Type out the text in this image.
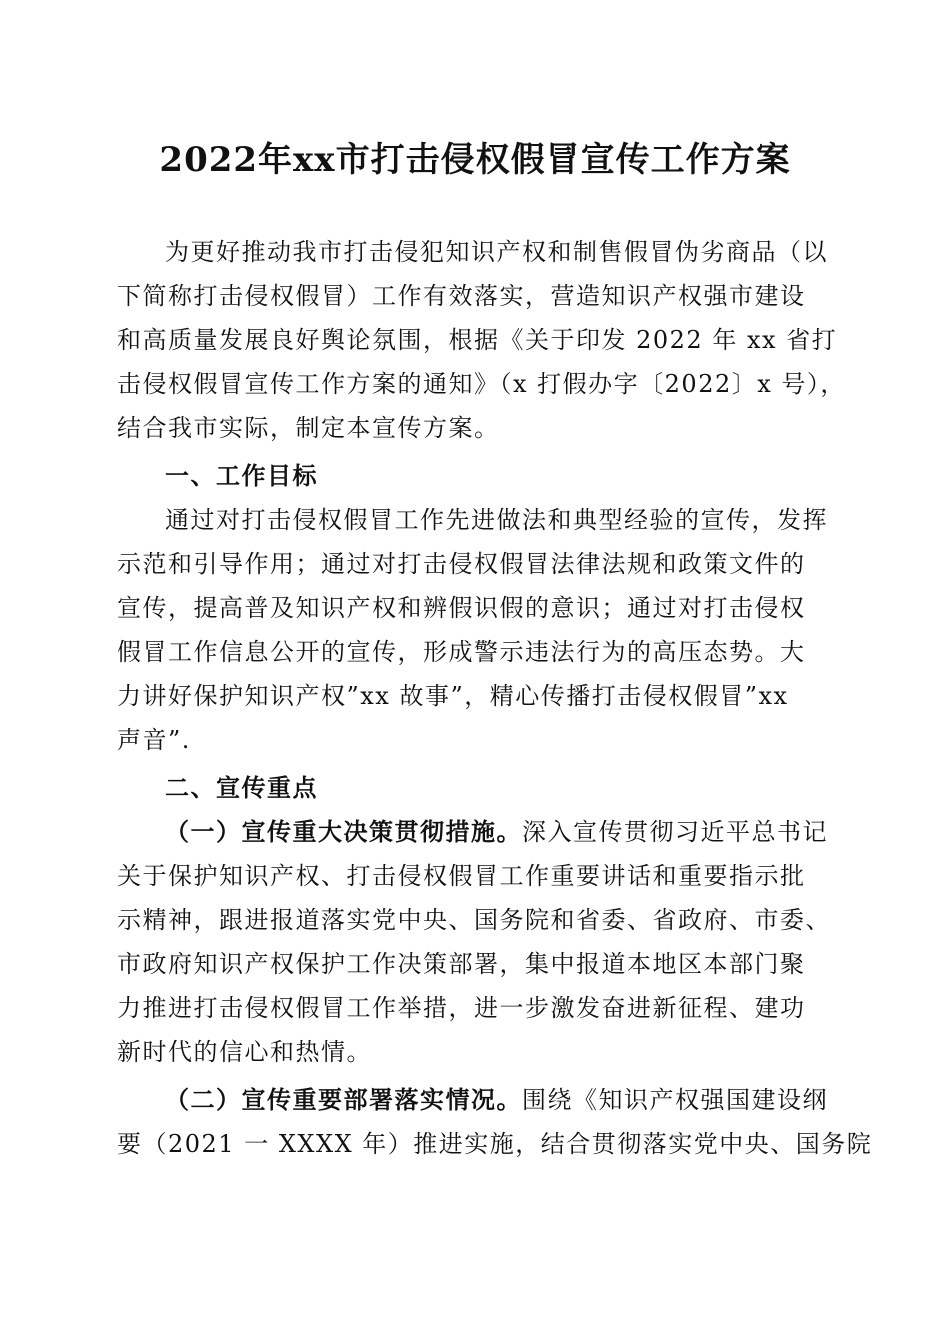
2022年xx市打击侵权假冒宣传工作方案
为更好推动我市打击侵犯知识产权和制售假冒伪劣商品（以
下简称打击侵权假冒）工作有效落实，营造知识产权强市建设
和高质量发展良好舆论氛围，根据《关于印发 2022 年 xx 省打
击侵权假冒宣传工作方案的通知》（x 打假办字〔2022〕x 号），
结合我市实际，制定本宣传方案。
一、工作目标
通过对打击侵权假冒工作先进做法和典型经验的宣传，发挥
示范和引导作用；通过对打击侵权假冒法律法规和政策文件的
宣传，提高普及知识产权和辨假识假的意识；通过对打击侵权
假冒工作信息公开的宣传，形成警示违法行为的高压态势。大
力讲好保护知识产权”xx 故事”，精心传播打击侵权假冒”xx
声音”.
二、宣传重点
（一）宣传重大决策贯彻措施。深入宣传贯彻习近平总书记
关于保护知识产权、打击侵权假冒工作重要讲话和重要指示批
示精神，跟进报道落实党中央、国务院和省委、省政府、市委、
市政府知识产权保护工作决策部署，集中报道本地区本部门聚
力推进打击侵权假冒工作举措，进一步激发奋进新征程、建功
新时代的信心和热情。
（二）宣传重要部署落实情况。围绕《知识产权强国建设纲
要（2021 一 XXXX 年）推进实施，结合贯彻落实党中央、国务院
